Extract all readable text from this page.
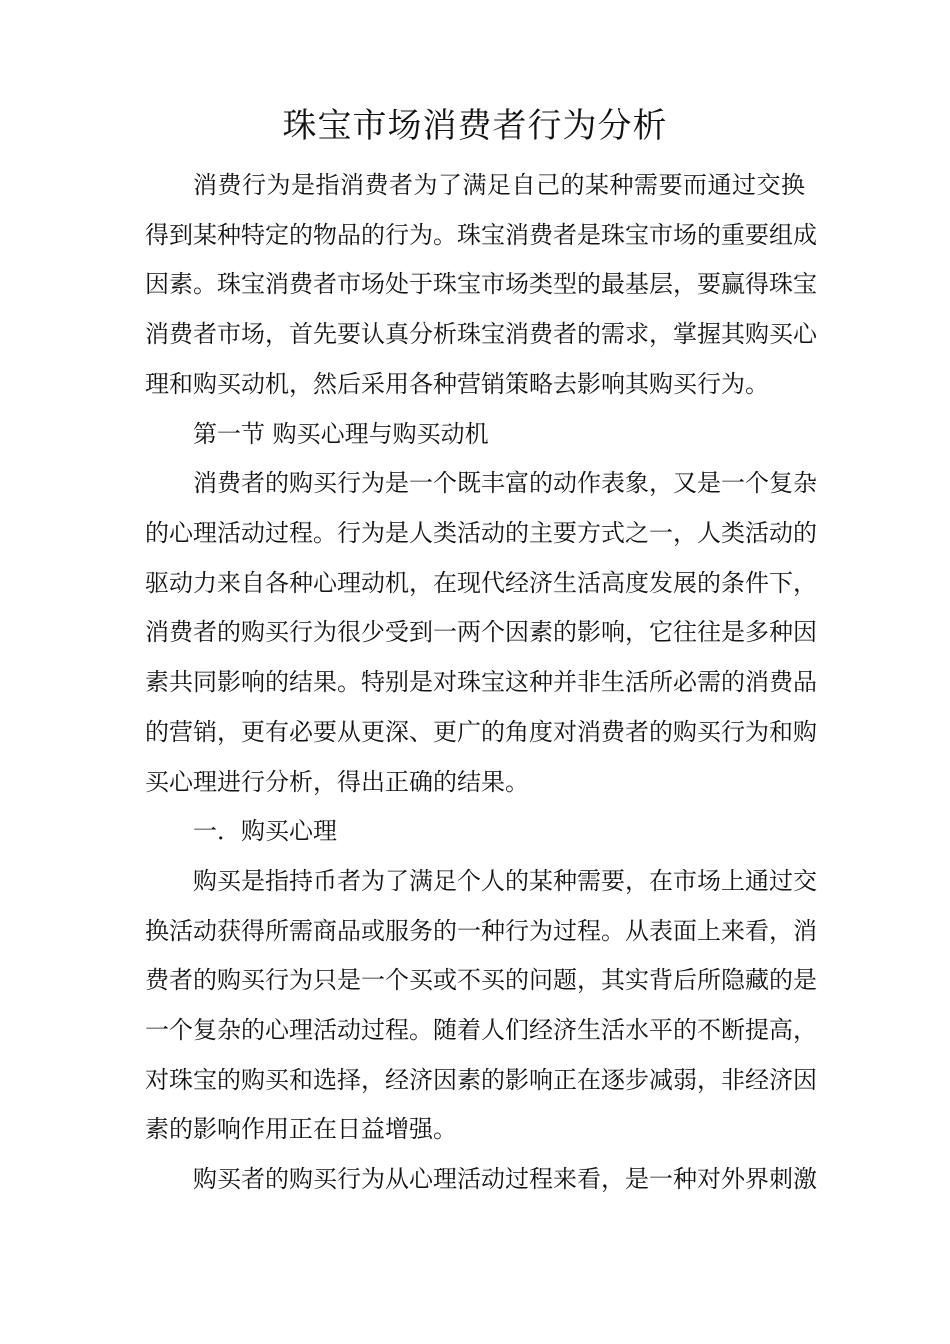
珠宝市场消费者行为分析
消费行为是指消费者为了满足自己的某种需要而通过交换
得到某种特定的物品的行为。珠宝消费者是珠宝市场的重要组成
因素。珠宝消费者市场处于珠宝市场类型的最基层，要赢得珠宝
消费者市场，首先要认真分析珠宝消费者的需求，掌握其购买心
理和购买动机，然后采用各种营销策略去影响其购买行为。
第一节 购买心理与购买动机
消费者的购买行为是一个既丰富的动作表象，又是一个复杂
的心理活动过程。行为是人类活动的主要方式之一，人类活动的
驱动力来自各种心理动机，在现代经济生活高度发展的条件下，
消费者的购买行为很少受到一两个因素的影响，它往往是多种因
素共同影响的结果。特别是对珠宝这种并非生活所必需的消费品
的营销，更有必要从更深、更广的角度对消费者的购买行为和购
买心理进行分析，得出正确的结果。
一．购买心理
购买是指持币者为了满足个人的某种需要，在市场上通过交
换活动获得所需商品或服务的一种行为过程。从表面上来看，消
费者的购买行为只是一个买或不买的问题，其实背后所隐藏的是
一个复杂的心理活动过程。随着人们经济生活水平的不断提高，
对珠宝的购买和选择，经济因素的影响正在逐步减弱，非经济因
素的影响作用正在日益增强。
购买者的购买行为从心理活动过程来看，是一种对外界刺激
